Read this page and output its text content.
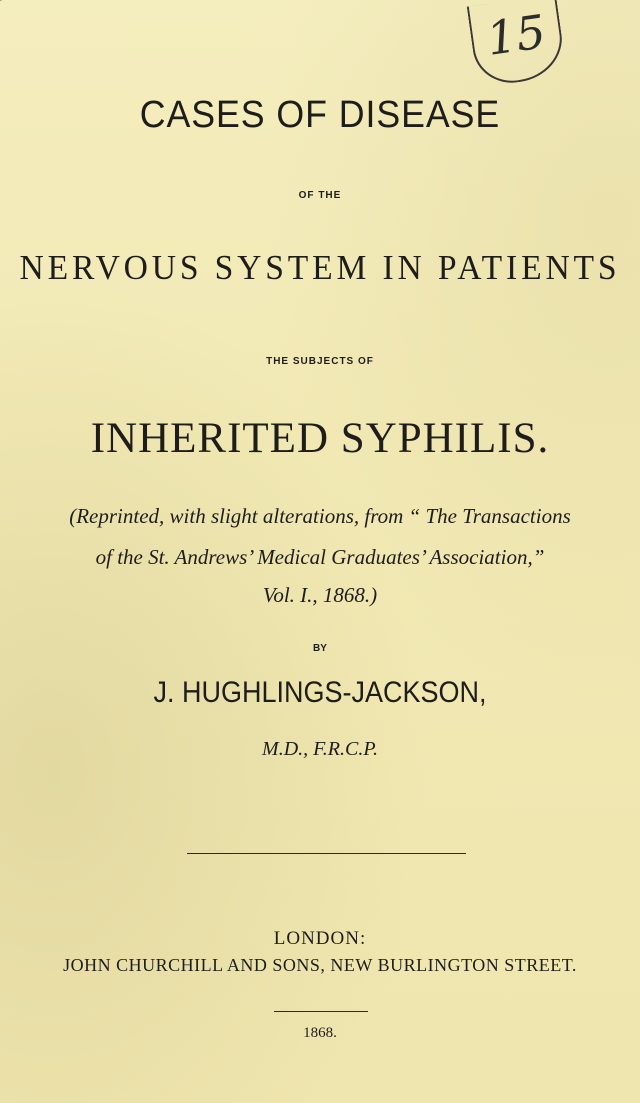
15
CASES OF DISEASE
OF THE
NERVOUS SYSTEM IN PATIENTS
THE SUBJECTS OF
INHERITED SYPHILIS.
(Reprinted, with slight alterations, from “ The Transactions
of the St. Andrews’ Medical Graduates’ Association,”
Vol. I., 1868.)
BY
J. HUGHLINGS-JACKSON,
M.D., F.R.C.P.
LONDON:
JOHN CHURCHILL AND SONS, NEW BURLINGTON STREET.
1868.
